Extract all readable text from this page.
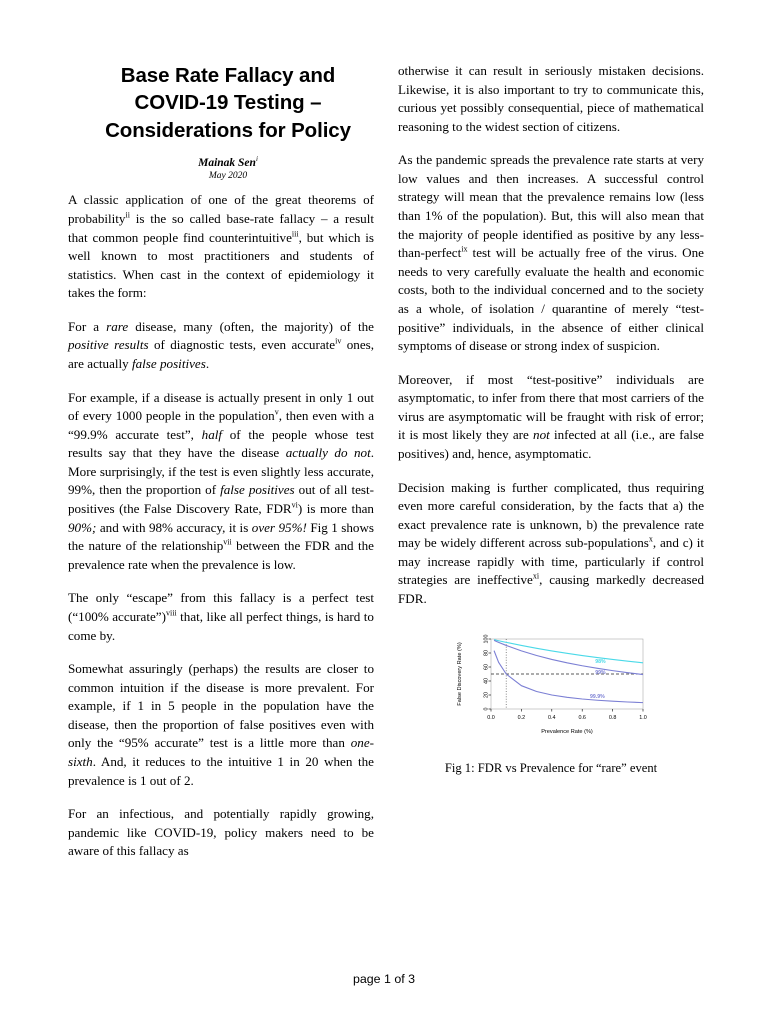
Base Rate Fallacy and
COVID-19 Testing –
Considerations for Policy

Mainak Sen$^i$

May 2020

A classic application of one of the great theorems of probability$^{ii}$ is the so called base-rate fallacy – a result that common people find counterintuitive$^{iii}$, but which is well known to most practitioners and students of statistics. When cast in the context of epidemiology it takes the form:

For a rare disease, many (often, the majority) of the positive results of diagnostic tests, even accurate$^{iv}$ ones, are actually false positives.

For example, if a disease is actually present in only 1 out of every 1000 people in the population$^v$, then even with a “99.9% accurate test”, half of the people whose test results say that they have the disease actually do not. More surprisingly, if the test is even slightly less accurate, 99%, then the proportion of false positives out of all test-positives (the False Discovery Rate, FDR$^{vi}$) is more than 90%; and with 98% accuracy, it is over 95%! Fig 1 shows the nature of the relationship$^{vii}$ between the FDR and the prevalence rate when the prevalence is low.

The only “escape” from this fallacy is a perfect test (“100% accurate”)$^{viii}$ that, like all perfect things, is hard to come by.

Somewhat assuringly (perhaps) the results are closer to common intuition if the disease is more prevalent. For example, if 1 in 5 people in the population have the disease, then the proportion of false positives even with only the “95% accurate” test is a little more than one-sixth. And, it reduces to the intuitive 1 in 20 when the prevalence is 1 out of 2.

For an infectious, and potentially rapidly growing, pandemic like COVID-19, policy makers need to be aware of this fallacy as

otherwise it can result in seriously mistaken decisions. Likewise, it is also important to try to communicate this, curious yet possibly consequential, piece of mathematical reasoning to the widest section of citizens.

As the pandemic spreads the prevalence rate starts at very low values and then increases. A successful control strategy will mean that the prevalence remains low (less than 1% of the population). But, this will also mean that the majority of people identified as positive by any less-than-perfect$^{ix}$ test will be actually free of the virus. One needs to very carefully evaluate the health and economic costs, both to the individual concerned and to the society as a whole, of isolation / quarantine of merely “test-positive” individuals, in the absence of either clinical symptoms of disease or strong index of suspicion.

Moreover, if most “test-positive” individuals are asymptomatic, to infer from there that most carriers of the virus are asymptomatic will be fraught with risk of error; it is most likely they are not infected at all (i.e., are false positives) and, hence, asymptomatic.

Decision making is further complicated, thus requiring even more careful consideration, by the facts that a) the exact prevalence rate is unknown, b) the prevalence rate may be widely different across sub-populations$^x$, and c) it may increase rapidly with time, particularly if control strategies are ineffective$^{xi}$, causing markedly decreased FDR.

0.0	0.2	0.4	0.6	0.8	1.0
0
20
40
60
80
100
Prevalence Rate (%)
False Discovery Rate (%)	98%
99%
99.9%

Fig 1: FDR vs Prevalence for “rare” event

page 1 of 3
